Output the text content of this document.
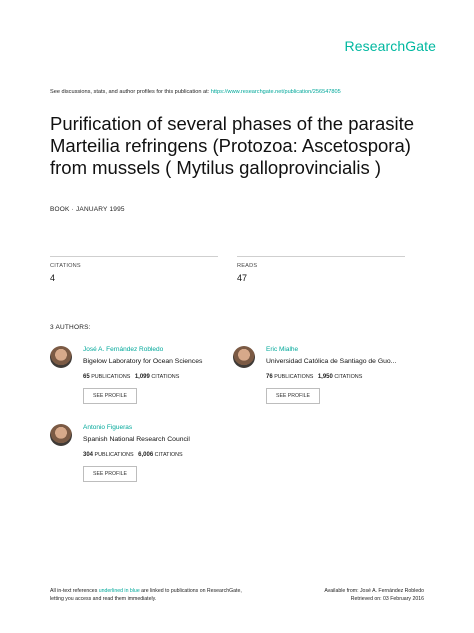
ResearchGate
See discussions, stats, and author profiles for this publication at: https://www.researchgate.net/publication/256547805
Purification of several phases of the parasite Marteilia refringens (Protozoa: Ascetospora) from mussels ( Mytilus galloprovincialis )
BOOK · JANUARY 1995
CITATIONS
4
READS
47
3 AUTHORS:
José A. Fernández Robledo
Bigelow Laboratory for Ocean Sciences
65 PUBLICATIONS 1,099 CITATIONS
SEE PROFILE
Eric Mialhe
Universidad Católica de Santiago de Guo...
76 PUBLICATIONS 1,950 CITATIONS
SEE PROFILE
Antonio Figueras
Spanish National Research Council
304 PUBLICATIONS 6,006 CITATIONS
SEE PROFILE
All in-text references underlined in blue are linked to publications on ResearchGate,
letting you access and read them immediately.
Available from: José A. Fernández Robledo
Retrieved on: 03 February 2016
